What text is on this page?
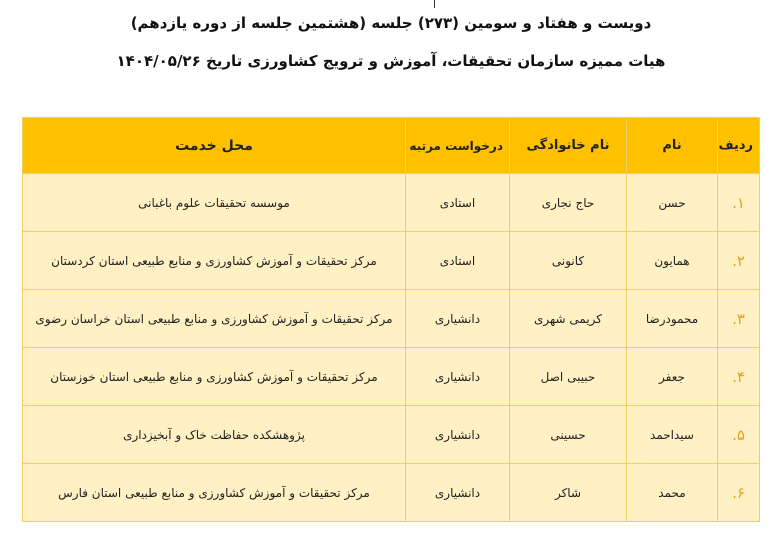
دویست و هفتاد و سومین (۲۷۳) جلسه (هشتمین جلسه از دوره یازدهم)
هیات ممیزه سازمان تحقیقات، آموزش و ترویج کشاورزی تاریخ ۱۴۰۴/۰۵/۲۶
ردیف	نام	نام خانوادگی	درخواست مرتبه	محل خدمت
۱.	حسن	حاج نجاری	استادی	موسسه تحقیقات علوم باغبانی
۲.	همایون	کانونی	استادی	مرکز تحقیقات و آموزش کشاورزی و منابع طبیعی استان کردستان
۳.	محمودرضا	کریمی شهری	دانشیاری	مرکز تحقیقات و آموزش کشاورزی و منابع طبیعی استان خراسان رضوی
۴.	جعفر	حبیبی اصل	دانشیاری	مرکز تحقیقات و آموزش کشاورزی و منابع طبیعی استان خوزستان
۵.	سیداحمد	حسینی	دانشیاری	پژوهشکده حفاظت خاک و آبخیزداری
۶.	محمد	شاکر	دانشیاری	مرکز تحقیقات و آموزش کشاورزی و منابع طبیعی استان فارس
